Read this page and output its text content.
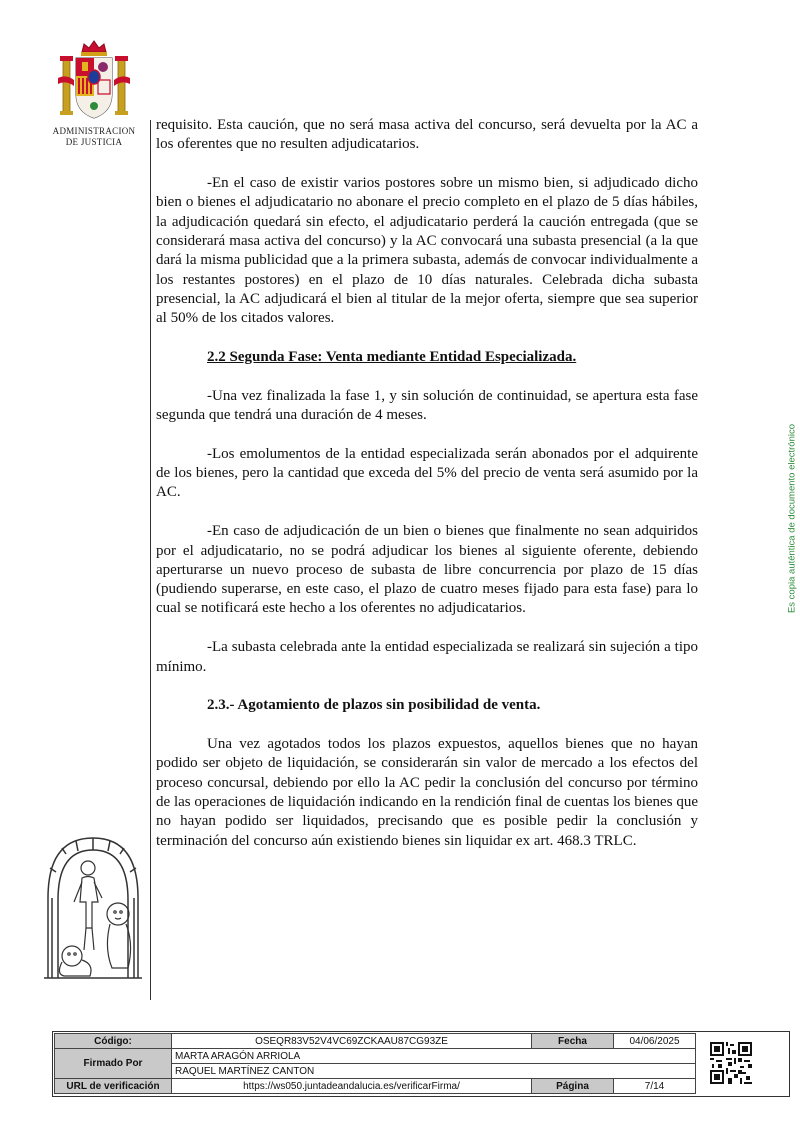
ADMINISTRACION
DE JUSTICIA
Es copia auténtica de documento electrónico

requisito. Esta caución, que no será masa activa del concurso, será devuelta por la AC a los oferentes que no resulten adjudicatarios.

-En el caso de existir varios postores sobre un mismo bien, si adjudicado dicho bien o bienes el adjudicatario no abonare el precio completo en el plazo de 5 días hábiles, la adjudicación quedará sin efecto, el adjudicatario perderá la caución entregada (que se considerará masa activa del concurso) y la AC convocará una subasta presencial (a la que dará la misma publicidad que a la primera subasta, además de convocar individualmente a los restantes postores) en el plazo de 10 días naturales. Celebrada dicha subasta presencial, la AC adjudicará el bien al titular de la mejor oferta, siempre que sea superior al 50% de los citados valores.

2.2 Segunda Fase: Venta mediante Entidad Especializada.

-Una vez finalizada la fase 1, y sin solución de continuidad, se apertura esta fase segunda que tendrá una duración de 4 meses.

-Los emolumentos de la entidad especializada serán abonados por el adquirente de los bienes, pero la cantidad que exceda del 5% del precio de venta será asumido por la AC.

-En caso de adjudicación de un bien o bienes que finalmente no sean adquiridos por el adjudicatario, no se podrá adjudicar los bienes al siguiente oferente, debiendo aperturarse un nuevo proceso de subasta de libre concurrencia por plazo de 15 días (pudiendo superarse, en este caso, el plazo de cuatro meses fijado para esta fase) para lo cual se notificará este hecho a los oferentes no adjudicatarios.

-La subasta celebrada ante la entidad especializada se realizará sin sujeción a tipo mínimo.

2.3.- Agotamiento de plazos sin posibilidad de venta.

Una vez agotados todos los plazos expuestos, aquellos bienes que no hayan podido ser objeto de liquidación, se considerarán sin valor de mercado a los efectos del proceso concursal, debiendo por ello la AC pedir la conclusión del concurso por término de las operaciones de liquidación indicando en la rendición final de cuentas los bienes que no hayan podido ser liquidados, precisando que es posible pedir la conclusión y terminación del concurso aún existiendo bienes sin liquidar ex art. 468.3 TRLC.

Código:	OSEQR83V52V4VC69ZCKAAU87CG93ZE	Fecha	04/06/2025
Firmado Por	MARTA ARAGÓN ARRIOLA		
	RAQUEL MARTÍNEZ CANTON		
URL de verificación	https://ws050.juntadeandalucia.es/verificarFirma/	Página	7/14
